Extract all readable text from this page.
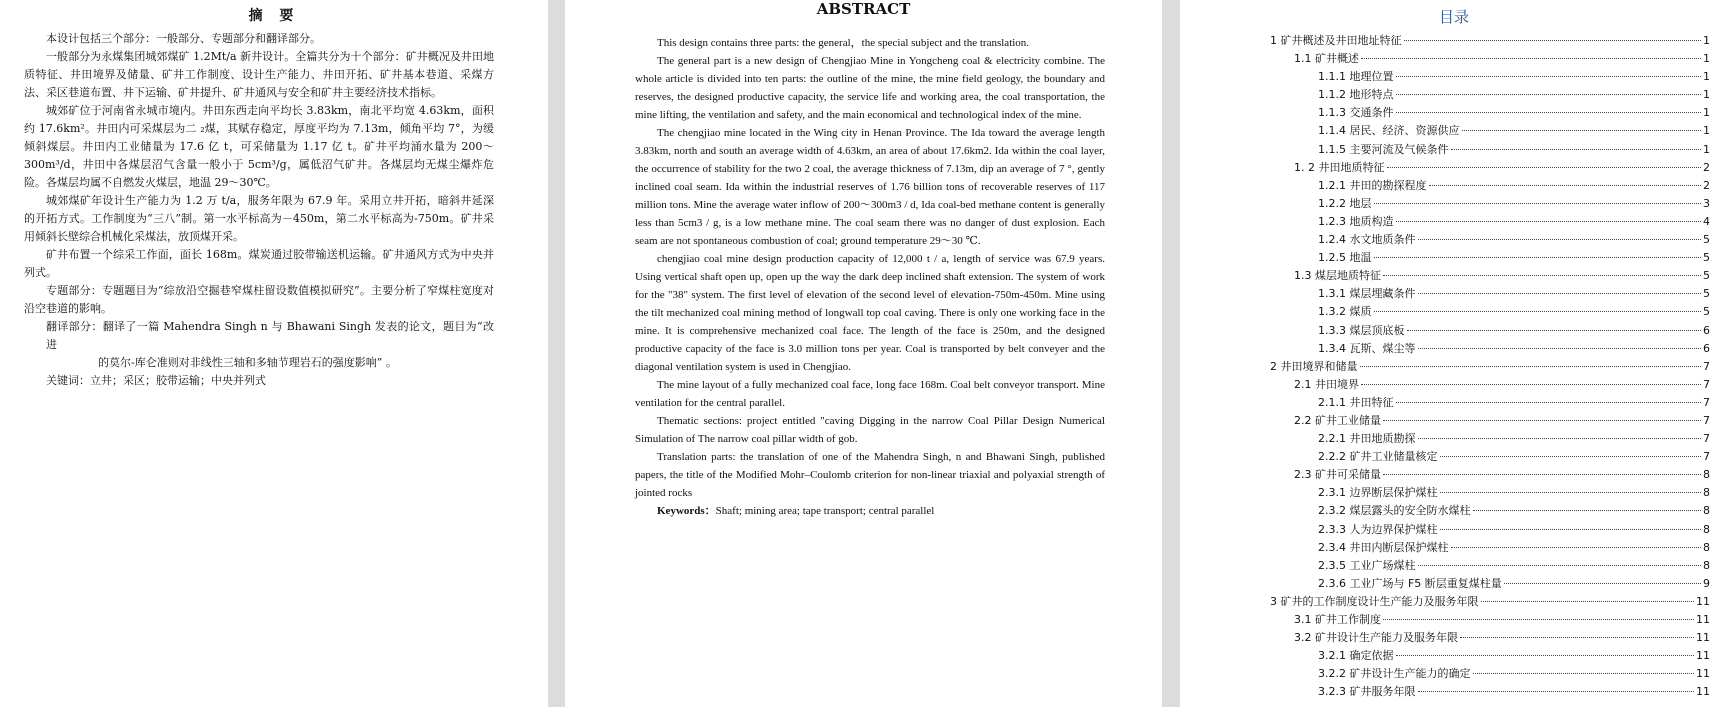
摘 要

本设计包括三个部分：一般部分、专题部分和翻译部分。

一般部分为永煤集团城郊煤矿 1.2Mt/a 新井设计。全篇共分为十个部分：矿井概况及井田地质特征、井田境界及储量、矿井工作制度、设计生产能力、井田开拓、矿井基本巷道、采煤方法、采区巷道布置、井下运输、矿井提升、矿井通风与安全和矿井主要经济技术指标。

城郊矿位于河南省永城市境内。井田东西走向平均长 3.83km，南北平均宽 4.63km，面积约 17.6km²。井田内可采煤层为二 ₂煤，其赋存稳定，厚度平均为 7.13m，倾角平均 7°，为缓倾斜煤层。井田内工业储量为 17.6 亿 t，可采储量为 1.17 亿 t。矿井平均涌水量为 200～300m³/d，井田中各煤层沼气含量一般小于 5cm³/g，属低沼气矿井。各煤层均无煤尘爆炸危险。各煤层均属不自燃发火煤层，地温 29～30℃。

城郊煤矿年设计生产能力为 1.2 万 t/a，服务年限为 67.9 年。采用立井开拓，暗斜井延深的开拓方式。工作制度为“三八”制。第一水平标高为－450m，第二水平标高为-750m。矿井采用倾斜长壁综合机械化采煤法，放顶煤开采。

矿井布置一个综采工作面，面长 168m。煤炭通过胶带输送机运输。矿井通风方式为中央并列式。

专题部分：专题题目为“综放沿空掘巷窄煤柱留设数值模拟研究”。主要分析了窄煤柱宽度对沿空巷道的影响。

翻译部分：翻译了一篇 Mahendra Singh n 与 Bhawani Singh 发表的论文，题目为“改进
的莫尔-库仑准则对非线性三轴和多轴节理岩石的强度影响” 。

关键词：立井；采区；胶带运输；中央并列式

ABSTRACT

This design contains three parts: the general，the special subject and the translation.

The general part is a new design of Chengjiao Mine in Yongcheng coal & electricity combine. The whole article is divided into ten parts: the outline of the mine, the mine field geology, the boundary and reserves, the designed productive capacity, the service life and working area, the coal transportation, the mine lifting, the ventilation and safety, and the main economical and technological index of the mine.

The chengjiao mine located in the Wing city in Henan Province. The Ida toward the average length 3.83km, north and south an average width of 4.63km, an area of about 17.6km2. Ida within the coal layer, the occurrence of stability for the two 2 coal, the average thickness of 7.13m, dip an average of 7 °, gently inclined coal seam. Ida within the industrial reserves of 1.76 billion tons of recoverable reserves of 117 million tons. Mine the average water inflow of 200～300m3 / d, Ida coal-bed methane content is generally less than 5cm3 / g, is a low methane mine. The coal seam there was no danger of dust explosion. Each seam are not spontaneous combustion of coal; ground temperature 29～30 ℃.

chengjiao coal mine design production capacity of 12,000 t / a, length of service was 67.9 years. Using vertical shaft open up, open up the way the dark deep inclined shaft extension. The system of work for the "38" system. The first level of elevation of the second level of elevation-750m-450m. Mine using the tilt mechanized coal mining method of longwall top coal caving. There is only one working face in the mine. It is comprehensive mechanized coal face. The length of the face is 250m, and the designed productive capacity of the face is 3.0 million tons per year. Coal is transported by belt conveyer and the diagonal ventilation system is used in Chengjiao.

The mine layout of a fully mechanized coal face, long face 168m. Coal belt conveyor transport. Mine ventilation for the central parallel.

Thematic sections: project entitled "caving Digging in the narrow Coal Pillar Design Numerical Simulation of The narrow coal pillar width of gob.

Translation parts: the translation of one of the Mahendra Singh, n and Bhawani Singh, published papers, the title of the Modified Mohr–Coulomb criterion for non-linear triaxial and polyaxial strength of jointed rocks

Keywords：Shaft; mining area; tape transport; central parallel

目录
1 矿井概述及井田地址特征	1
1.1 矿井概述	1
1.1.1 地理位置	1
1.1.2 地形特点	1
1.1.3 交通条件	1
1.1.4 居民、经济、资源供应	1
1.1.5 主要河流及气候条件	1
1. 2 井田地质特征	2
1.2.1 井田的勘探程度	2
1.2.2 地层	3
1.2.3 地质构造	4
1.2.4 水文地质条件	5
1.2.5 地温	5
1.3 煤层地质特征	5
1.3.1 煤层埋藏条件	5
1.3.2 煤质	5
1.3.3 煤层顶底板	6
1.3.4 瓦斯、煤尘等	6
2 井田境界和储量	7
2.1 井田境界	7
2.1.1 井田特征	7
2.2 矿井工业储量	7
2.2.1 井田地质勘探	7
2.2.2 矿井工业储量核定	7
2.3 矿井可采储量	8
2.3.1 边界断层保护煤柱	8
2.3.2 煤层露头的安全防水煤柱	8
2.3.3 人为边界保护煤柱	8
2.3.4 井田内断层保护煤柱	8
2.3.5 工业广场煤柱	8
2.3.6 工业广场与 F5 断层重复煤柱量	9
3 矿井的工作制度设计生产能力及服务年限	11
3.1 矿井工作制度	11
3.2 矿井设计生产能力及服务年限	11
3.2.1 确定依据	11
3.2.2 矿井设计生产能力的确定	11
3.2.3 矿井服务年限	11
